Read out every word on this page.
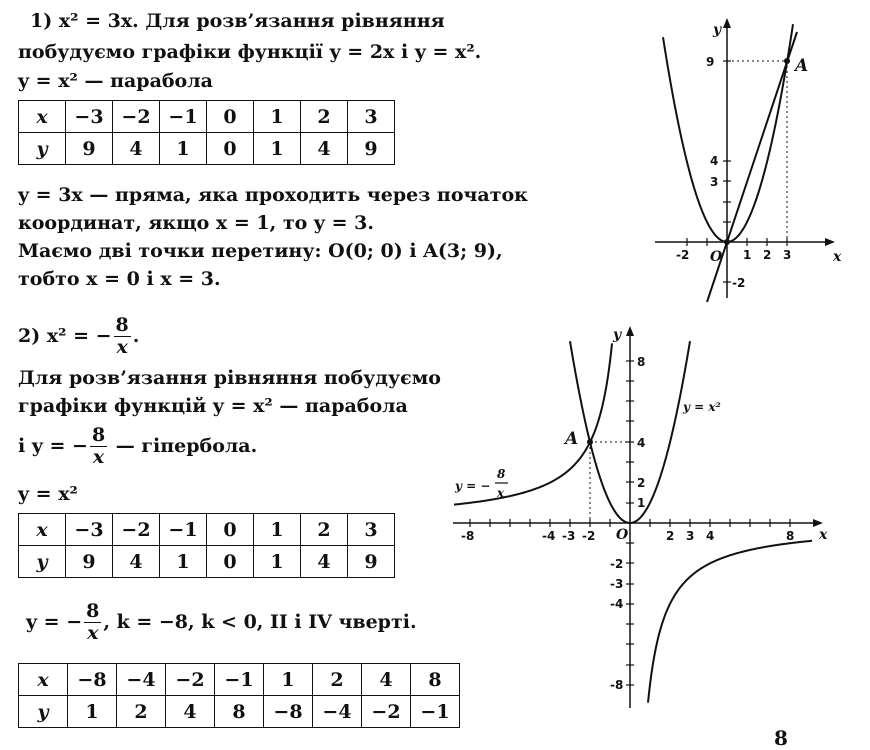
1) x² = 3x. Для розв’язання рівняння
побудуємо графіки функції y = 2x і y = x².
y = x² — парабола
x	−3	−2	−1	0	1	2	3
y	9	4	1	0	1	4	9
y = 3x — пряма, яка проходить через початок
координат, якщо x = 1, то y = 3.
Маємо дві точки перетину: O(0; 0) і A(3; 9),
тобто x = 0 і x = 3.
y
x
O
A
9
4
3
-2
-2	1 2 3
2) x² = − $\frac{8}{x}$ .
Для розв’язання рівняння побудуємо
графіки функцій y = x² — парабола
і y = − $\frac{8}{x}$ — гіпербола.
y = x²
x	−3	−2	−1	0	1	2	3
y	9	4	1	0	1	4	9
y = − $\frac{8}{x}$ , k = −8, k < 0, II і IV чверті.
x	−8	−4	−2	−1	1	2	4	8
y	1	2	4	8	−8	−4	−2	−1
y
x
O
A
y = x²
y = −
8
x
8
4
2
1
-2
-3
-4
-8
-8	-4 -3 -2	2 3 4	8
8
